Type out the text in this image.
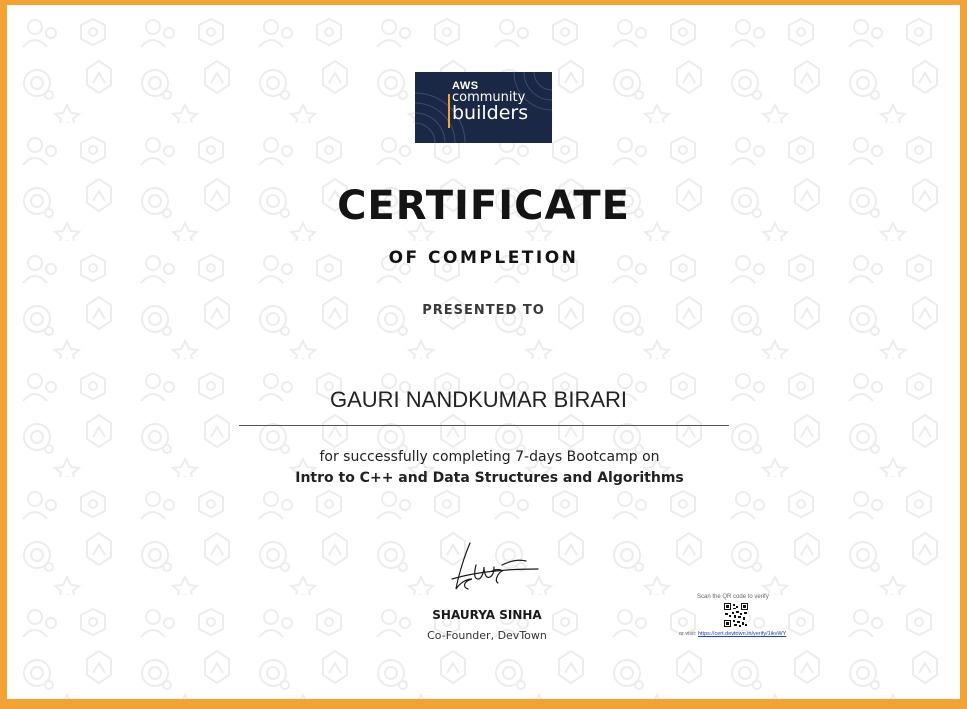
AWS
community
builders
CERTIFICATE
OF COMPLETION
PRESENTED TO
GAURI NANDKUMAR BIRARI
for successfully completing 7-days Bootcamp on
Intro to C++ and Data Structures and Algorithms
SHAURYA SINHA
Co-Founder, DevTown
Scan the QR code to verify
or visit: https://cert.devtown.in/verify/1ikvWY
